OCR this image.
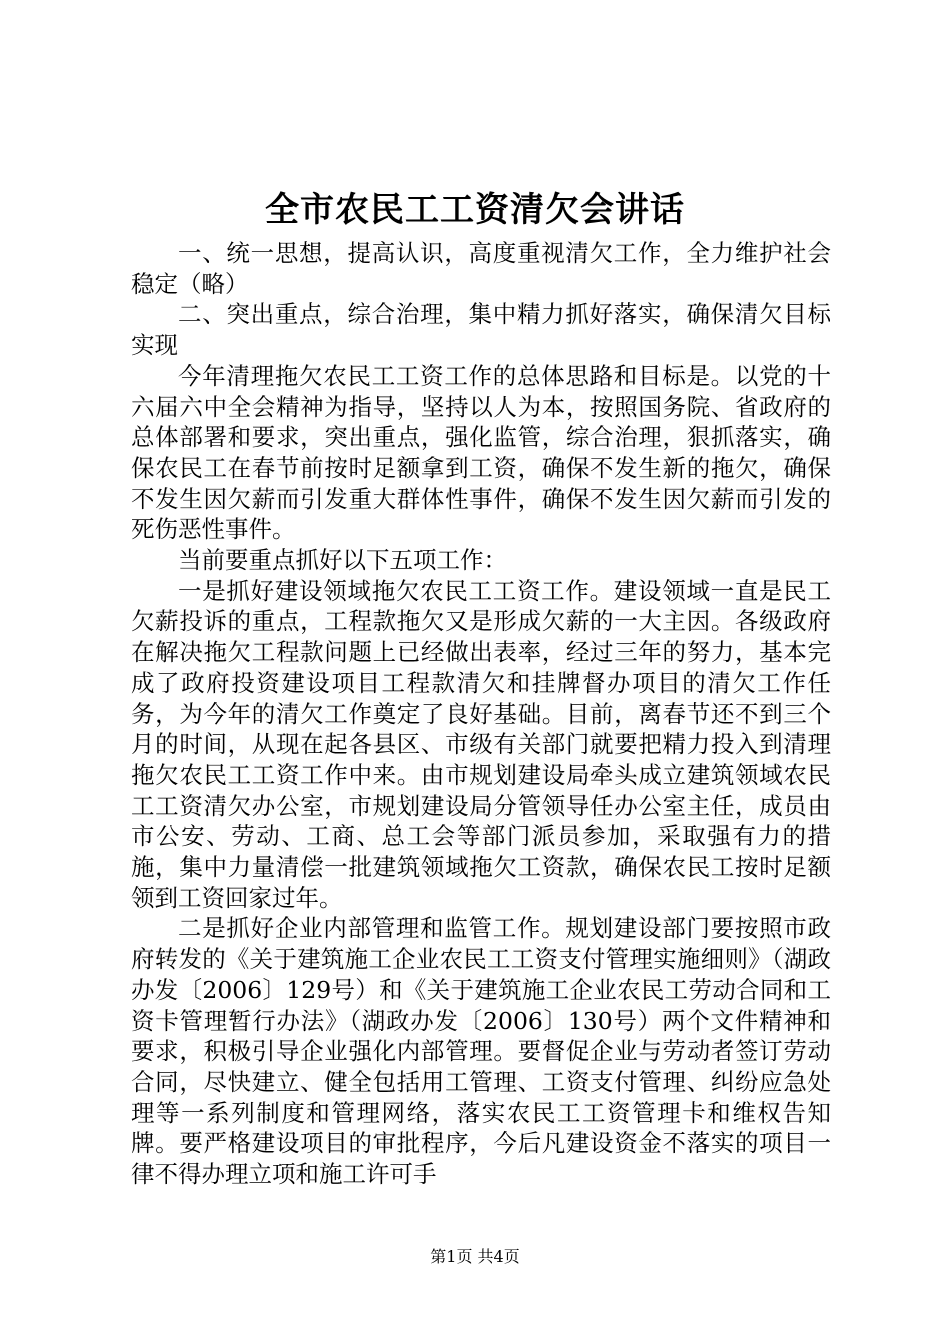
全市农民工工资清欠会讲话

一、统一思想，提高认识，高度重视清欠工作，全力维护社会稳定（略）

二、突出重点，综合治理，集中精力抓好落实，确保清欠目标实现

今年清理拖欠农民工工资工作的总体思路和目标是。以党的十六届六中全会精神为指导，坚持以人为本，按照国务院、省政府的总体部署和要求，突出重点，强化监管，综合治理，狠抓落实，确保农民工在春节前按时足额拿到工资，确保不发生新的拖欠，确保不发生因欠薪而引发重大群体性事件，确保不发生因欠薪而引发的死伤恶性事件。

当前要重点抓好以下五项工作：

一是抓好建设领域拖欠农民工工资工作。建设领域一直是民工欠薪投诉的重点，工程款拖欠又是形成欠薪的一大主因。各级政府在解决拖欠工程款问题上已经做出表率，经过三年的努力，基本完成了政府投资建设项目工程款清欠和挂牌督办项目的清欠工作任务，为今年的清欠工作奠定了良好基础。目前，离春节还不到三个月的时间，从现在起各县区、市级有关部门就要把精力投入到清理拖欠农民工工资工作中来。由市规划建设局牵头成立建筑领域农民工工资清欠办公室，市规划建设局分管领导任办公室主任，成员由市公安、劳动、工商、总工会等部门派员参加，采取强有力的措施，集中力量清偿一批建筑领域拖欠工资款，确保农民工按时足额领到工资回家过年。

二是抓好企业内部管理和监管工作。规划建设部门要按照市政府转发的《关于建筑施工企业农民工工资支付管理实施细则》（湖政办发〔2006〕129号）和《关于建筑施工企业农民工劳动合同和工资卡管理暂行办法》（湖政办发〔2006〕130号）两个文件精神和要求，积极引导企业强化内部管理。要督促企业与劳动者签订劳动合同，尽快建立、健全包括用工管理、工资支付管理、纠纷应急处理等一系列制度和管理网络，落实农民工工资管理卡和维权告知牌。要严格建设项目的审批程序，今后凡建设资金不落实的项目一律不得办理立项和施工许可手

第1页 共4页
